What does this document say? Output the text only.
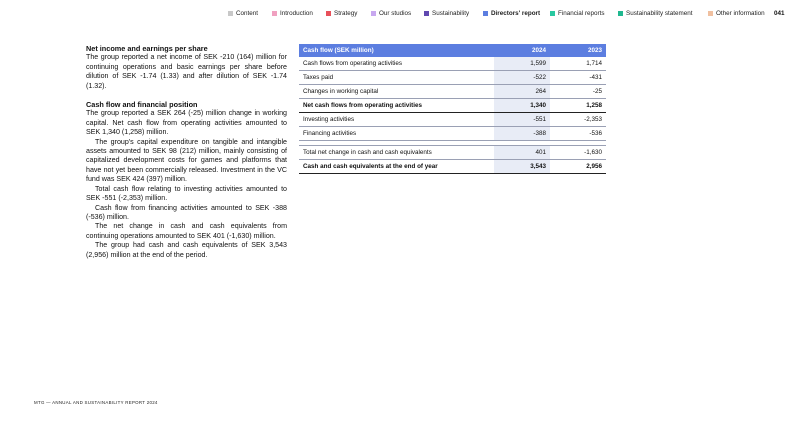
Content	Introduction	Strategy	Our studios	Sustainability	Directors' report	Financial reports	Sustainability statement	Other information 041
Net income and earnings per share

The group reported a net income of SEK -210 (164) million for continuing operations and basic earnings per share before dilution of SEK -1.74 (1.33) and after dilution of SEK -1.74 (1.32).

Cash flow and financial position

The group reported a SEK 264 (-25) million change in working capital. Net cash flow from operating activities amounted to SEK 1,340 (1,258) million.

The group's capital expenditure on tangible and intangible assets amounted to SEK 98 (212) million, mainly consisting of capitalized development costs for games and platforms that have not yet been commercially released. Investment in the VC fund was SEK 424 (397) million.

Total cash flow relating to investing activities amounted to SEK -551 (-2,353) million.

Cash flow from financing activities amounted to SEK -388 (-536) million.

The net change in cash and cash equivalents from continuing operations amounted to SEK 401 (-1,630) million.

The group had cash and cash equivalents of SEK 3,543 (2,956) million at the end of the period.

Cash flow (SEK million)	2024	2023
Cash flows from operating activities	1,599	1,714
Taxes paid	-522	-431
Changes in working capital	264	-25
Net cash flows from operating activities	1,340	1,258
Investing activities	-551	-2,353
Financing activities	-388	-536

Total net change in cash and cash equivalents	401	-1,630
Cash and cash equivalents at the end of year	3,543	2,956
MTG — ANNUAL AND SUSTAINABILITY REPORT 2024
